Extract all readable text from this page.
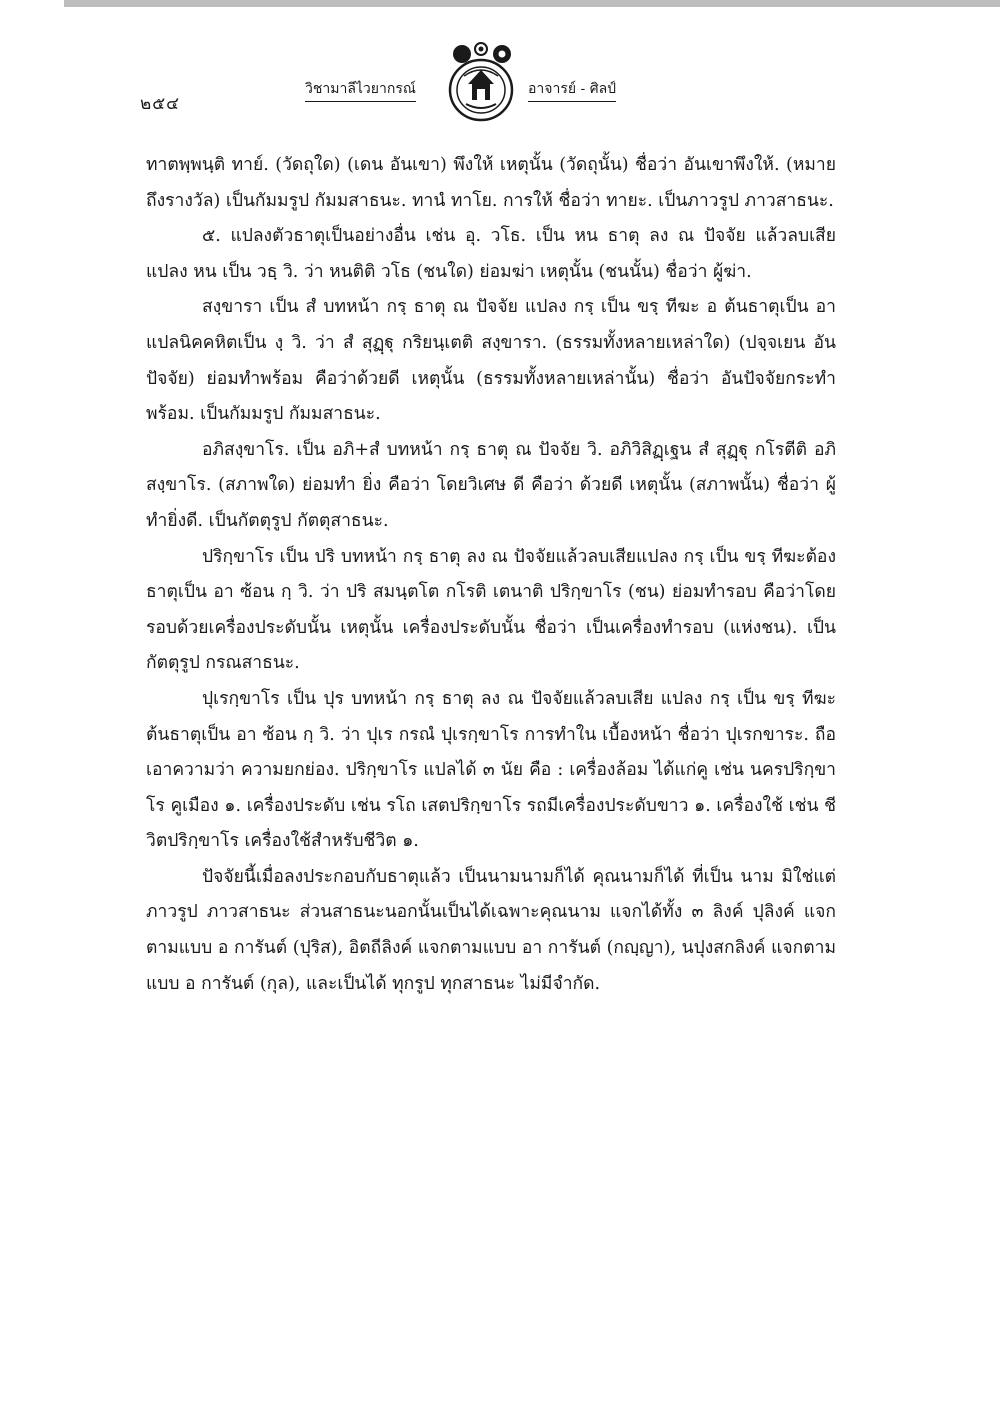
๒๕๔
วิชามาลีไวยากรณ์	อาจารย์ - ศิลป์

ทาตพฺพนฺติ ทาย์. (วัดถุใด) (เดน อันเขา) พึงให้ เหตุนั้น (วัดถุนั้น) ชื่อว่า อันเขาพึงให้. (หมายถึงรางวัล) เป็นกัมมรูป กัมมสาธนะ. ทานํ ทาโย. การให้ ชื่อว่า ทายะ. เป็นภาวรูป ภาวสาธนะ.

๕. แปลงตัวธาตุเป็นอย่างอื่น เช่น อุ. วโธ. เป็น หน ธาตุ ลง ณ ปัจจัย แล้วลบเสีย แปลง หน เป็น วธฺ วิ. ว่า หนติติ วโธ (ชนใด) ย่อมฆ่า เหตุนั้น (ชนนั้น) ชื่อว่า ผู้ฆ่า.

สงฺขารา เป็น สํ บทหน้า กรฺ ธาตุ ณ ปัจจัย แปลง กรฺ เป็น ขรฺ ทีฆะ อ ต้นธาตุเป็น อา แปลนิคคหิตเป็น งฺ วิ. ว่า สํ สุฏฺฐุ กริยนฺเตติ สงฺขารา. (ธรรมทั้งหลายเหล่าใด) (ปจฺจเยน อันปัจจัย) ย่อมทำพร้อม คือว่าด้วยดี เหตุนั้น (ธรรมทั้งหลายเหล่านั้น) ชื่อว่า อันปัจจัยกระทำพร้อม. เป็นกัมมรูป กัมมสาธนะ.

อภิสงฺขาโร. เป็น อภิ+สํ บทหน้า กรฺ ธาตุ ณ ปัจจัย วิ. อภิวิสิฏฺเฐน สํ สุฏฺฐุ กโรตีติ อภิสงฺขาโร. (สภาพใด) ย่อมทำ ยิ่ง คือว่า โดยวิเศษ ดี คือว่า ด้วยดี เหตุนั้น (สภาพนั้น) ชื่อว่า ผู้ทำยิ่งดี. เป็นกัตตุรูป กัตตุสาธนะ.

ปริกฺขาโร เป็น ปริ บทหน้า กรฺ ธาตุ ลง ณ ปัจจัยแล้วลบเสียแปลง กรฺ เป็น ขรฺ ทีฆะต้องธาตุเป็น อา ซ้อน กฺ วิ. ว่า ปริ สมนฺตโต กโรติ เตนาติ ปริกฺขาโร (ชน) ย่อมทำรอบ คือว่าโดยรอบด้วยเครื่องประดับนั้น เหตุนั้น เครื่องประดับนั้น ชื่อว่า เป็นเครื่องทำรอบ (แห่งชน). เป็นกัตตุรูป กรณสาธนะ.

ปุเรกฺขาโร เป็น ปุร บทหน้า กรฺ ธาตุ ลง ณ ปัจจัยแล้วลบเสีย แปลง กรฺ เป็น ขรฺ ทีฆะต้นธาตุเป็น อา ซ้อน กฺ วิ. ว่า ปุเร กรณํ ปุเรกฺขาโร การทำใน เบื้องหน้า ชื่อว่า ปุเรกขาระ. ถือเอาความว่า ความยกย่อง. ปริกฺขาโร แปลได้ ๓ นัย คือ : เครื่องล้อม ได้แก่คู เช่น นครปริกฺขาโร คูเมือง ๑. เครื่องประดับ เช่น รโถ เสตปริกฺขาโร รถมีเครื่องประดับขาว ๑. เครื่องใช้ เช่น ชีวิตปริกฺขาโร เครื่องใช้สำหรับชีวิต ๑.

ปัจจัยนี้เมื่อลงประกอบกับธาตุแล้ว เป็นนามนามก็ได้ คุณนามก็ได้ ที่เป็น นาม มิใช่แต่ภาวรูป ภาวสาธนะ ส่วนสาธนะนอกนั้นเป็นได้เฉพาะคุณนาม แจกได้ทั้ง ๓ ลิงค์ ปุลิงค์ แจกตามแบบ อ การันต์ (ปุริส), อิตถีลิงค์ แจกตามแบบ อา การันต์ (กญฺญา), นปุงสกลิงค์ แจกตามแบบ อ การันต์ (กุล), และเป็นได้ ทุกรูป ทุกสาธนะ ไม่มีจำกัด.
